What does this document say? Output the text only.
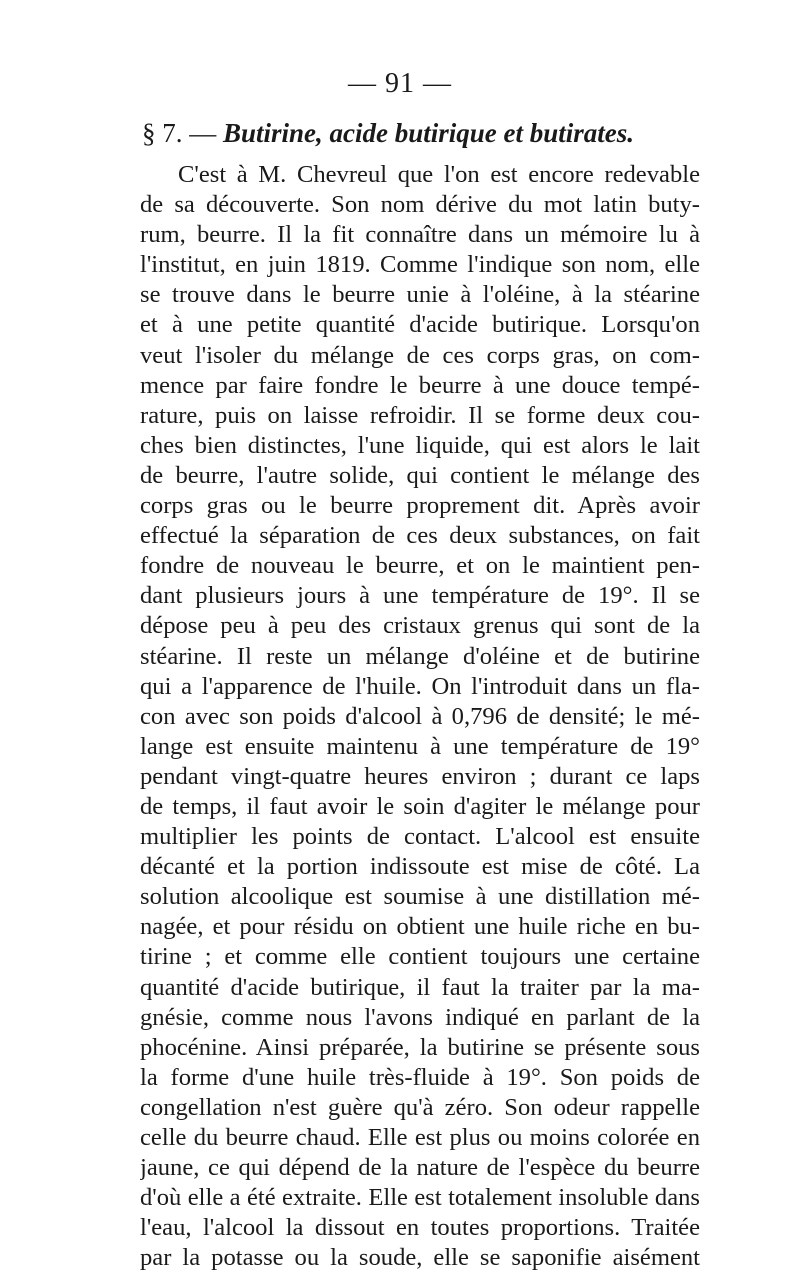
— 91 —
§ 7. — Butirine, acide butirique et butirates.
C'est à M. Chevreul que l'on est encore redevable
de sa découverte. Son nom dérive du mot latin buty-
rum, beurre. Il la fit connaître dans un mémoire lu à
l'institut, en juin 1819. Comme l'indique son nom, elle
se trouve dans le beurre unie à l'oléine, à la stéarine
et à une petite quantité d'acide butirique. Lorsqu'on
veut l'isoler du mélange de ces corps gras, on com-
mence par faire fondre le beurre à une douce tempé-
rature, puis on laisse refroidir. Il se forme deux cou-
ches bien distinctes, l'une liquide, qui est alors le lait
de beurre, l'autre solide, qui contient le mélange des
corps gras ou le beurre proprement dit. Après avoir
effectué la séparation de ces deux substances, on fait
fondre de nouveau le beurre, et on le maintient pen-
dant plusieurs jours à une température de 19°. Il se
dépose peu à peu des cristaux grenus qui sont de la
stéarine. Il reste un mélange d'oléine et de butirine
qui a l'apparence de l'huile. On l'introduit dans un fla-
con avec son poids d'alcool à 0,796 de densité; le mé-
lange est ensuite maintenu à une température de 19°
pendant vingt-quatre heures environ ; durant ce laps
de temps, il faut avoir le soin d'agiter le mélange pour
multiplier les points de contact. L'alcool est ensuite
décanté et la portion indissoute est mise de côté. La
solution alcoolique est soumise à une distillation mé-
nagée, et pour résidu on obtient une huile riche en bu-
tirine ; et comme elle contient toujours une certaine
quantité d'acide butirique, il faut la traiter par la ma-
gnésie, comme nous l'avons indiqué en parlant de la
phocénine. Ainsi préparée, la butirine se présente sous
la forme d'une huile très-fluide à 19°. Son poids de
congellation n'est guère qu'à zéro. Son odeur rappelle
celle du beurre chaud. Elle est plus ou moins colorée en
jaune, ce qui dépend de la nature de l'espèce du beurre
d'où elle a été extraite. Elle est totalement insoluble dans
l'eau, l'alcool la dissout en toutes proportions. Traitée
par la potasse ou la soude, elle se saponifie aisément
